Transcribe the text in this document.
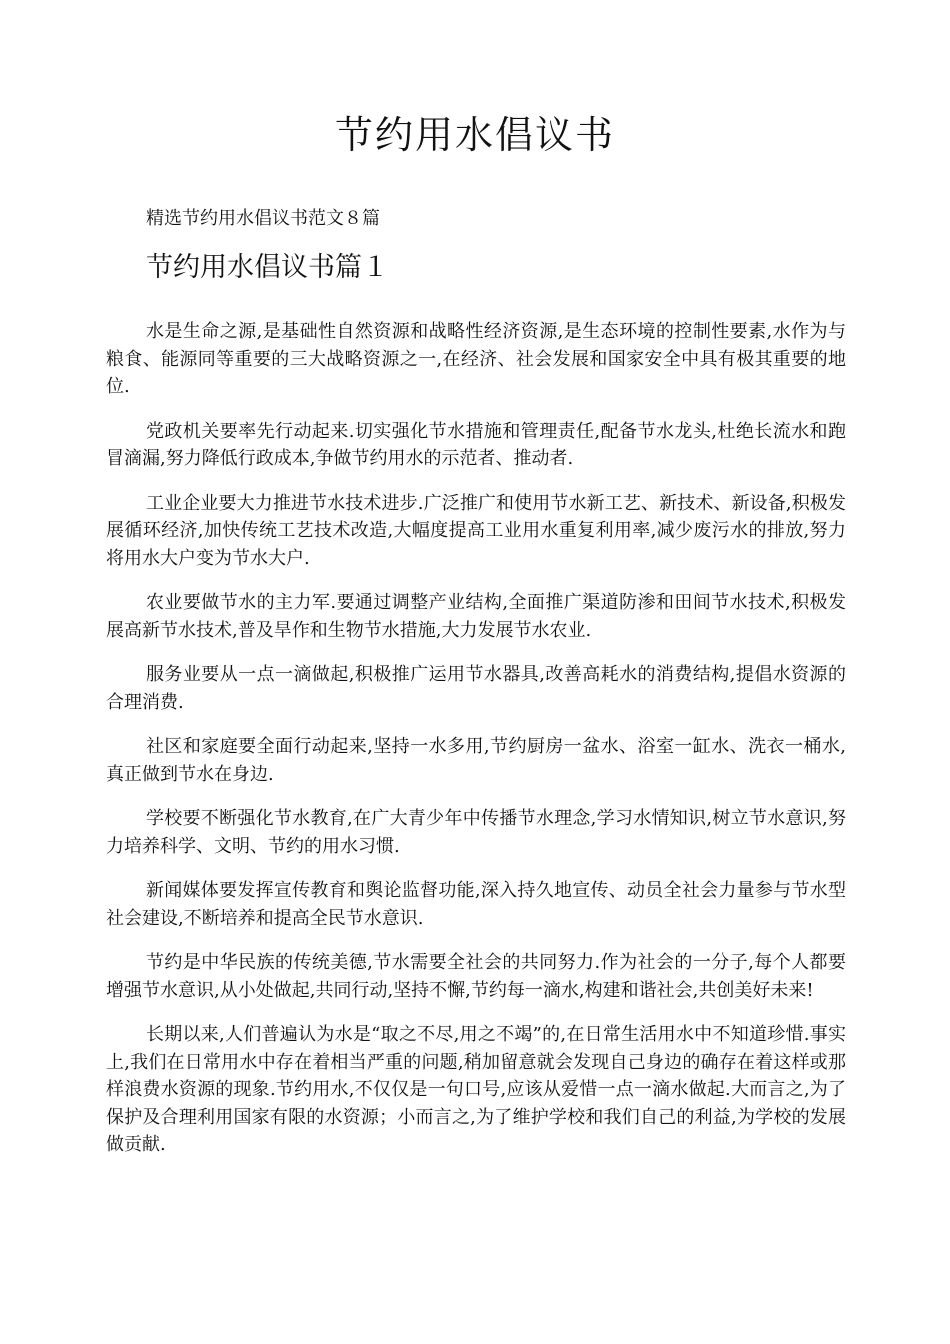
节约用水倡议书

精选节约用水倡议书范文８篇

节约用水倡议书篇１

水是生命之源,是基础性自然资源和战略性经济资源,是生态环境的控制性要素,水作为与粮食、能源同等重要的三大战略资源之一,在经济、社会发展和国家安全中具有极其重要的地位.

党政机关要率先行动起来.切实强化节水措施和管理责任,配备节水龙头,杜绝长流水和跑冒滴漏,努力降低行政成本,争做节约用水的示范者、推动者.

工业企业要大力推进节水技术进步.广泛推广和使用节水新工艺、新技术、新设备,积极发展循环经济,加快传统工艺技术改造,大幅度提高工业用水重复利用率,减少废污水的排放,努力将用水大户变为节水大户.

农业要做节水的主力军.要通过调整产业结构,全面推广渠道防渗和田间节水技术,积极发展高新节水技术,普及旱作和生物节水措施,大力发展节水农业.

服务业要从一点一滴做起,积极推广运用节水器具,改善高耗水的消费结构,提倡水资源的合理消费.

社区和家庭要全面行动起来,坚持一水多用,节约厨房一盆水、浴室一缸水、洗衣一桶水,真正做到节水在身边.

学校要不断强化节水教育,在广大青少年中传播节水理念,学习水情知识,树立节水意识,努力培养科学、文明、节约的用水习惯.

新闻媒体要发挥宣传教育和舆论监督功能,深入持久地宣传、动员全社会力量参与节水型社会建设,不断培养和提高全民节水意识.

节约是中华民族的传统美德,节水需要全社会的共同努力.作为社会的一分子,每个人都要增强节水意识,从小处做起,共同行动,坚持不懈,节约每一滴水,构建和谐社会,共创美好未来!

长期以来,人们普遍认为水是“取之不尽,用之不竭”的,在日常生活用水中不知道珍惜.事实上,我们在日常用水中存在着相当严重的问题,稍加留意就会发现自己身边的确存在着这样或那样浪费水资源的现象.节约用水,不仅仅是一句口号,应该从爱惜一点一滴水做起.大而言之,为了保护及合理利用国家有限的水资源；小而言之,为了维护学校和我们自己的利益,为学校的发展做贡献.
